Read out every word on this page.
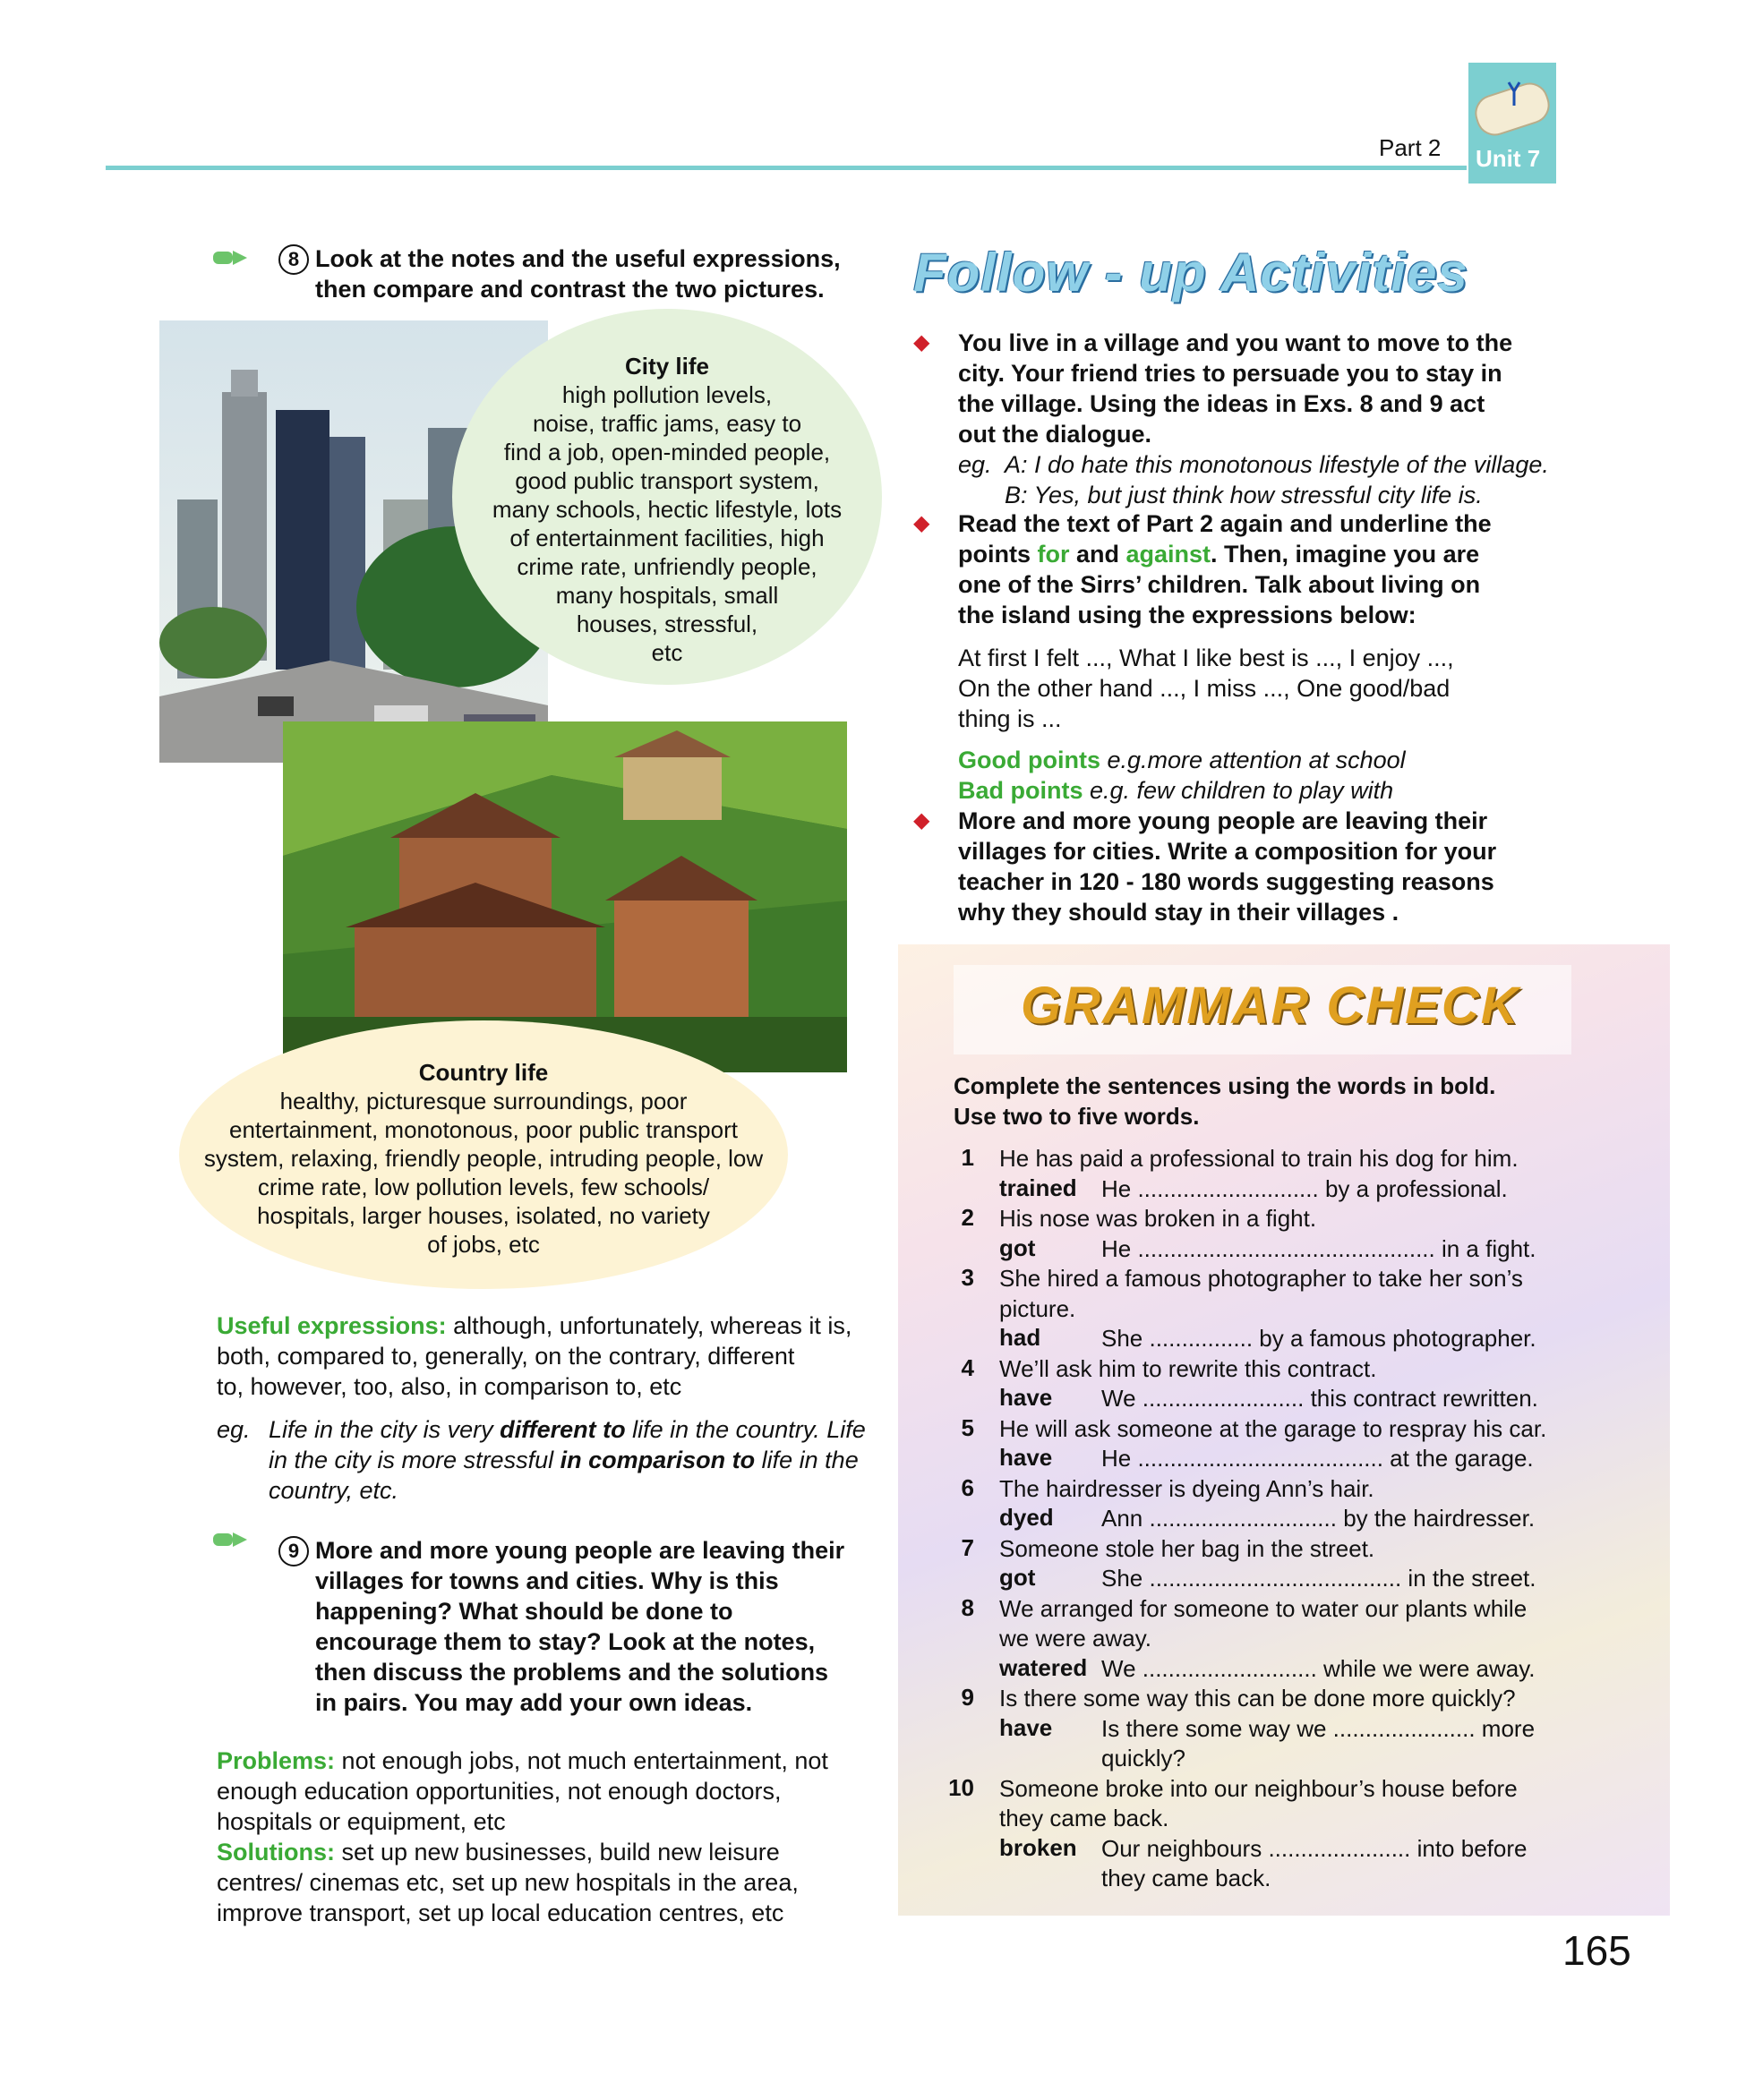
Part 2 Unit 7
8 Look at the notes and the useful expressions,
then compare and contrast the two pictures.
City life
high pollution levels,
noise, traffic jams, easy to
find a job, open-minded people,
good public transport system,
many schools, hectic lifestyle, lots
of entertainment facilities, high
crime rate, unfriendly people,
many hospitals, small
houses, stressful,
etc
Country life
healthy, picturesque surroundings, poor
entertainment, monotonous, poor public transport
system, relaxing, friendly people, intruding people, low
crime rate, low pollution levels, few schools/
hospitals, larger houses, isolated, no variety
of jobs, etc
Useful expressions: although, unfortunately, whereas it is,
both, compared to, generally, on the contrary, different
to, however, too, also, in comparison to, etc
eg. Life in the city is very different to life in the country. Life
in the city is more stressful in comparison to life in the
country, etc.
9 More and more young people are leaving their
villages for towns and cities. Why is this
happening? What should be done to
encourage them to stay? Look at the notes,
then discuss the problems and the solutions
in pairs. You may add your own ideas.
Problems: not enough jobs, not much entertainment, not
enough education opportunities, not enough doctors,
hospitals or equipment, etc
Solutions: set up new businesses, build new leisure
centres/ cinemas etc, set up new hospitals in the area,
improve transport, set up local education centres, etc
Follow - up Activities
◆ You live in a village and you want to move to the
city. Your friend tries to persuade you to stay in
the village. Using the ideas in Exs. 8 and 9 act
out the dialogue.
eg. A: I do hate this monotonous lifestyle of the village.
B: Yes, but just think how stressful city life is.
◆ Read the text of Part 2 again and underline the
points for and against. Then, imagine you are
one of the Sirrs’ children. Talk about living on
the island using the expressions below:
At first I felt ..., What I like best is ..., I enjoy ...,
On the other hand ..., I miss ..., One good/bad
thing is ...
Good points e.g.more attention at school
Bad points e.g. few children to play with
◆ More and more young people are leaving their
villages for cities. Write a composition for your
teacher in 120 - 180 words suggesting reasons
why they should stay in their villages .
GRAMMAR CHECK
Complete the sentences using the words in bold.
Use two to five words.
1 He has paid a professional to train his dog for him.
trained He ............................ by a professional.
2 His nose was broken in a fight.
got	He .............................................. in a fight.
3 She hired a famous photographer to take her son’s
picture.
had	She ................ by a famous photographer.
4 We’ll ask him to rewrite this contract.
have We ......................... this contract rewritten.
5 He will ask someone at the garage to respray his car.
have He ...................................... at the garage.
6 The hairdresser is dyeing Ann’s hair.
dyed Ann ............................. by the hairdresser.
7 Someone stole her bag in the street.
got	She ....................................... in the street.
8 We arranged for someone to water our plants while
we were away.
watered We ........................... while we were away.
9 Is there some way this can be done more quickly?
have Is there some way we ...................... more
quickly?
10 Someone broke into our neighbour’s house before
they came back.
broken Our neighbours ...................... into before
they came back.
165
